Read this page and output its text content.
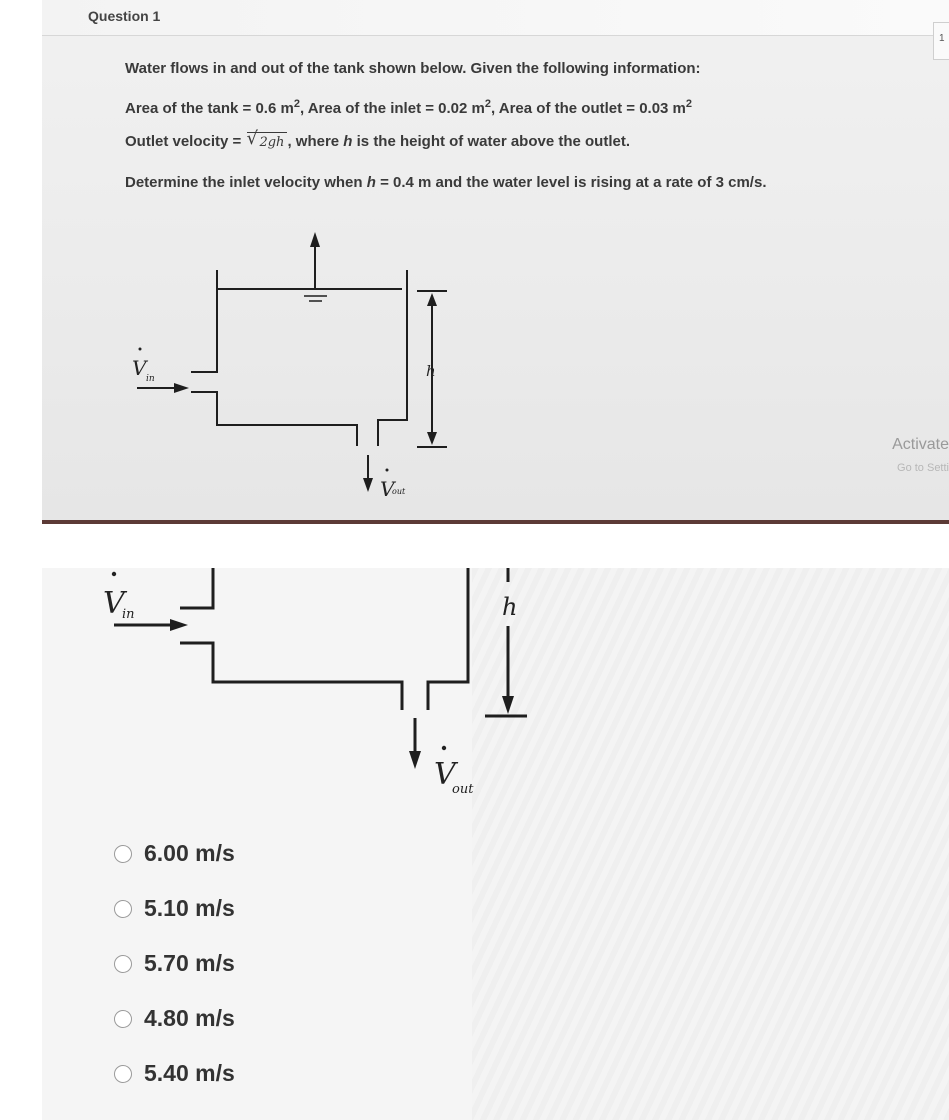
Question 1
1
Water flows in and out of the tank shown below. Given the following information:
Area of the tank = 0.6 $m^2$, Area of the inlet = 0.02 $m^2$, Area of the outlet = 0.03 $m^2$
Outlet velocity = √ 2gh , where h is the height of water above the outlet.
Determine the inlet velocity when h = 0.4 m and the water level is rising at a rate of 3 cm/s.
V in
V
out
h
Activate
Go to Setti
V
in
V
out
h
6.00 m/s
5.10 m/s
5.70 m/s
4.80 m/s
5.40 m/s
